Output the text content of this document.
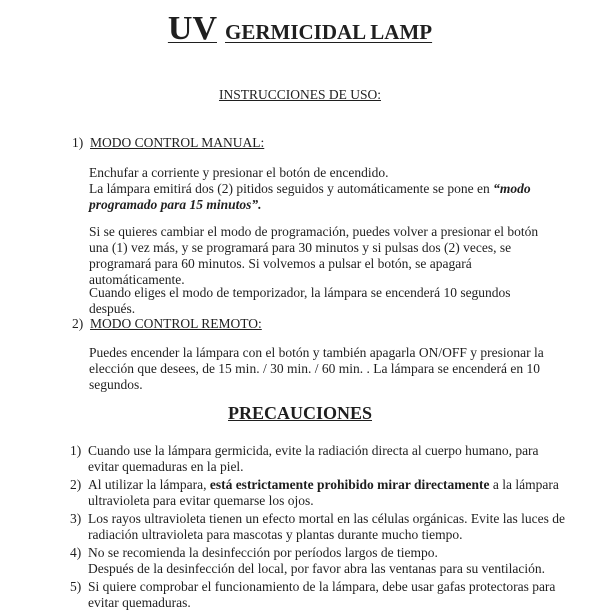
UV GERMICIDAL LAMP
INSTRUCCIONES DE USO:
1) MODO CONTROL MANUAL:
Enchufar a corriente y presionar el botón de encendido.
La lámpara emitirá dos (2) pitidos seguidos y automáticamente se pone en “modo programado para 15 minutos”.
Si se quieres cambiar el modo de programación, puedes volver a presionar el botón una (1) vez más, y se programará para 30 minutos y si pulsas dos (2) veces, se programará para 60 minutos. Si volvemos a pulsar el botón, se apagará automáticamente.
Cuando eliges el modo de temporizador, la lámpara se encenderá 10 segundos después.
2) MODO CONTROL REMOTO:
Puedes encender la lámpara con el botón y también apagarla ON/OFF y presionar la elección que desees, de 15 min. / 30 min. / 60 min. . La lámpara se encenderá en 10 segundos.
PRECAUCIONES
1) Cuando use la lámpara germicida, evite la radiación directa al cuerpo humano, para evitar quemaduras en la piel.
2) Al utilizar la lámpara, está estrictamente prohibido mirar directamente a la lámpara ultravioleta para evitar quemarse los ojos.
3) Los rayos ultravioleta tienen un efecto mortal en las células orgánicas. Evite las luces de radiación ultravioleta para mascotas y plantas durante mucho tiempo.
4) No se recomienda la desinfección por períodos largos de tiempo.
Después de la desinfección del local, por favor abra las ventanas para su ventilación.
5) Si quiere comprobar el funcionamiento de la lámpara, debe usar gafas protectoras para evitar quemaduras.
